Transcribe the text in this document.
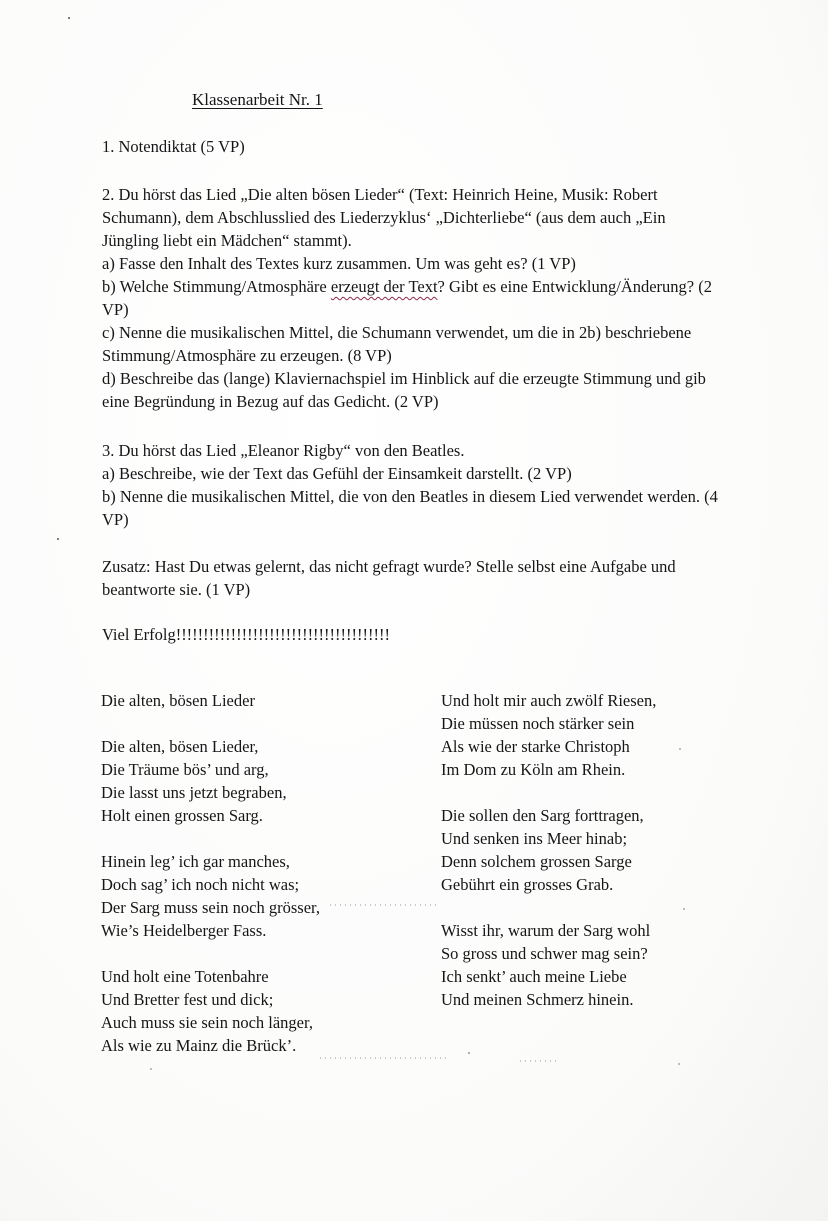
Klassenarbeit Nr. 1
1. Notendiktat (5 VP)
2. Du hörst das Lied „Die alten bösen Lieder“ (Text: Heinrich Heine, Musik: Robert
Schumann), dem Abschlusslied des Liederzyklus‘ „Dichterliebe“ (aus dem auch „Ein
Jüngling liebt ein Mädchen“ stammt).
a) Fasse den Inhalt des Textes kurz zusammen. Um was geht es? (1 VP)
b) Welche Stimmung/Atmosphäre erzeugt der Text? Gibt es eine Entwicklung/Änderung? (2
VP)
c) Nenne die musikalischen Mittel, die Schumann verwendet, um die in 2b) beschriebene
Stimmung/Atmosphäre zu erzeugen. (8 VP)
d) Beschreibe das (lange) Klaviernachspiel im Hinblick auf die erzeugte Stimmung und gib
eine Begründung in Bezug auf das Gedicht. (2 VP)
3. Du hörst das Lied „Eleanor Rigby“ von den Beatles.
a) Beschreibe, wie der Text das Gefühl der Einsamkeit darstellt. (2 VP)
b) Nenne die musikalischen Mittel, die von den Beatles in diesem Lied verwendet werden. (4
VP)
Zusatz: Hast Du etwas gelernt, das nicht gefragt wurde? Stelle selbst eine Aufgabe und
beantworte sie. (1 VP)
Viel Erfolg!!!!!!!!!!!!!!!!!!!!!!!!!!!!!!!!!!!!!!!
Die alten, bösen Lieder
Die alten, bösen Lieder,
Die Träume bös’ und arg,
Die lasst uns jetzt begraben,
Holt einen grossen Sarg.
Hinein leg’ ich gar manches,
Doch sag’ ich noch nicht was;
Der Sarg muss sein noch grösser,
Wie’s Heidelberger Fass.
Und holt eine Totenbahre
Und Bretter fest und dick;
Auch muss sie sein noch länger,
Als wie zu Mainz die Brück’.
Und holt mir auch zwölf Riesen,
Die müssen noch stärker sein
Als wie der starke Christoph
Im Dom zu Köln am Rhein.
Die sollen den Sarg forttragen,
Und senken ins Meer hinab;
Denn solchem grossen Sarge
Gebührt ein grosses Grab.
Wisst ihr, warum der Sarg wohl
So gross und schwer mag sein?
Ich senkt’ auch meine Liebe
Und meinen Schmerz hinein.
